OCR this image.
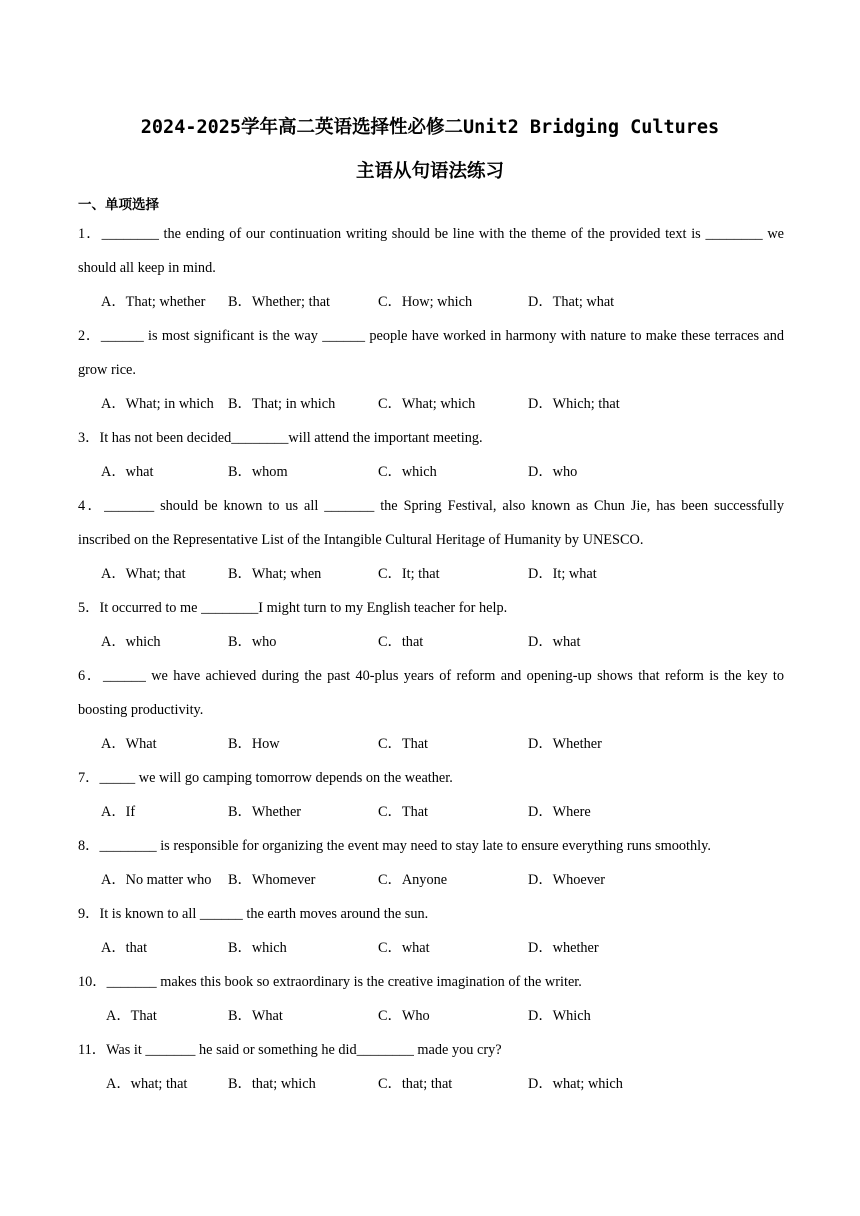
2024-2025学年高二英语选择性必修二Unit2 Bridging Cultures
主语从句语法练习
一、单项选择
1．________ the ending of our continuation writing should be line with the theme of the provided text is ________ we should all keep in mind.
A．That; whether	B．Whether; that	C．How; which	D．That; what
2．______ is most significant is the way ______ people have worked in harmony with nature to make these terraces and grow rice.
A．What; in which B．That; in which	C．What; which	D．Which; that
3．It has not been decided________will attend the important meeting.
A．what	B．whom	C．which	D．who
4．_______ should be known to us all _______ the Spring Festival, also known as Chun Jie, has been successfully inscribed on the Representative List of the Intangible Cultural Heritage of Humanity by UNESCO.
A．What; that	B．What; when	C．It; that	D．It; what
5．It occurred to me ________I might turn to my English teacher for help.
A．which	B．who	C．that	D．what
6．______ we have achieved during the past 40-plus years of reform and opening-up shows that reform is the key to boosting productivity.
A．What	B．How	C．That	D．Whether
7．_____ we will go camping tomorrow depends on the weather.
A．If	B．Whether	C．That	D．Where
8．________ is responsible for organizing the event may need to stay late to ensure everything runs smoothly.
A．No matter who	B．Whomever	C．Anyone	D．Whoever
9．It is known to all ______ the earth moves around the sun.
A．that	B．which	C．what	D．whether
10．_______ makes this book so extraordinary is the creative imagination of the writer.
A．That	B．What	C．Who	D．Which
11．Was it _______ he said or something he did________ made you cry?
A．what; that	B．that; which	C．that; that	D．what; which
